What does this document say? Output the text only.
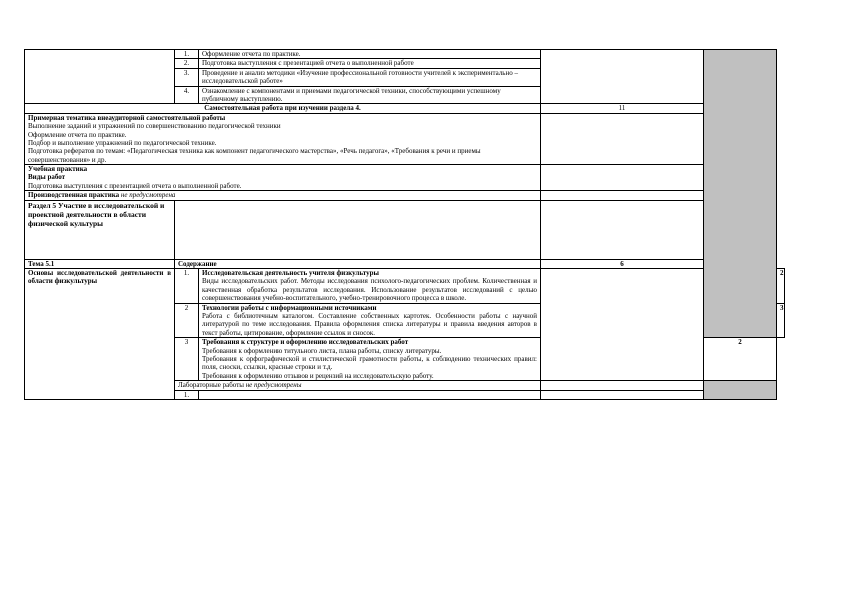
	1.	Оформление отчета по практике.			
	2.	Подготовка выступления с презентацией отчета о выполненной работе			
	3.	Проведение и анализ методики «Изучение профессиональной готовности учителей к экспериментально – исследовательской работе»			
	4.	Ознакомление с компонентами и приемами педагогической техники, способствующими успешному публичному выступлению.			
Самостоятельная работа при изучении раздела 4.			11		

Примерная тематика внеаудиторной самостоятельной работы
Выполнение заданий и упражнений по совершенствованию педагогической техники
Оформление отчета по практике.
Подбор и выполнение упражнений по педагогической технике.
Подготовка рефератов по темам: «Педагогическая техника как компонент педагогического мастерства», «Речь педагога», «Требования к речи и приемы совершенствования» и др.					

Учебная практика
Виды работ
Подготовка выступления с презентацией отчета о выполненной работе.					

Производственная практика не предусмотрена					
Раздел 5 Участие в исследовательской и проектной деятельности в области физической культуры					
Тема 5.1	Содержание		6		
Основы исследовательской деятельности в области физкультуры	1.	Исследовательская деятельность учителя физкультуры
Виды исследовательских работ. Методы исследования психолого-педагогических проблем. Количественная и качественная обработка результатов исследования. Использование результатов исследований с целью совершенствования учебно-воспитательного, учебно-тренировочного процесса в школе.			2
	2	Технологии работы с информационными источниками
Работа с библиотечным каталогом. Составление собственных картотек. Особенности работы с научной литературой по теме исследования. Правила оформления списка литературы и правила введения авторов в текст работы, цитирование, оформление ссылок и сносок.			3
	3	Требования к структуре и оформлению исследовательских работ
Требования к оформлению титульного листа, плана работы, списку литературы.
Требования к орфографической и стилистической грамотности работы, к соблюдению технических правил: поля, сноски, ссылки, красные строки и т.д.
Требования к оформлению отзывов и рецензий на исследовательскую работу.		2	
	Лабораторные работы не предусмотрены				
	1.				
